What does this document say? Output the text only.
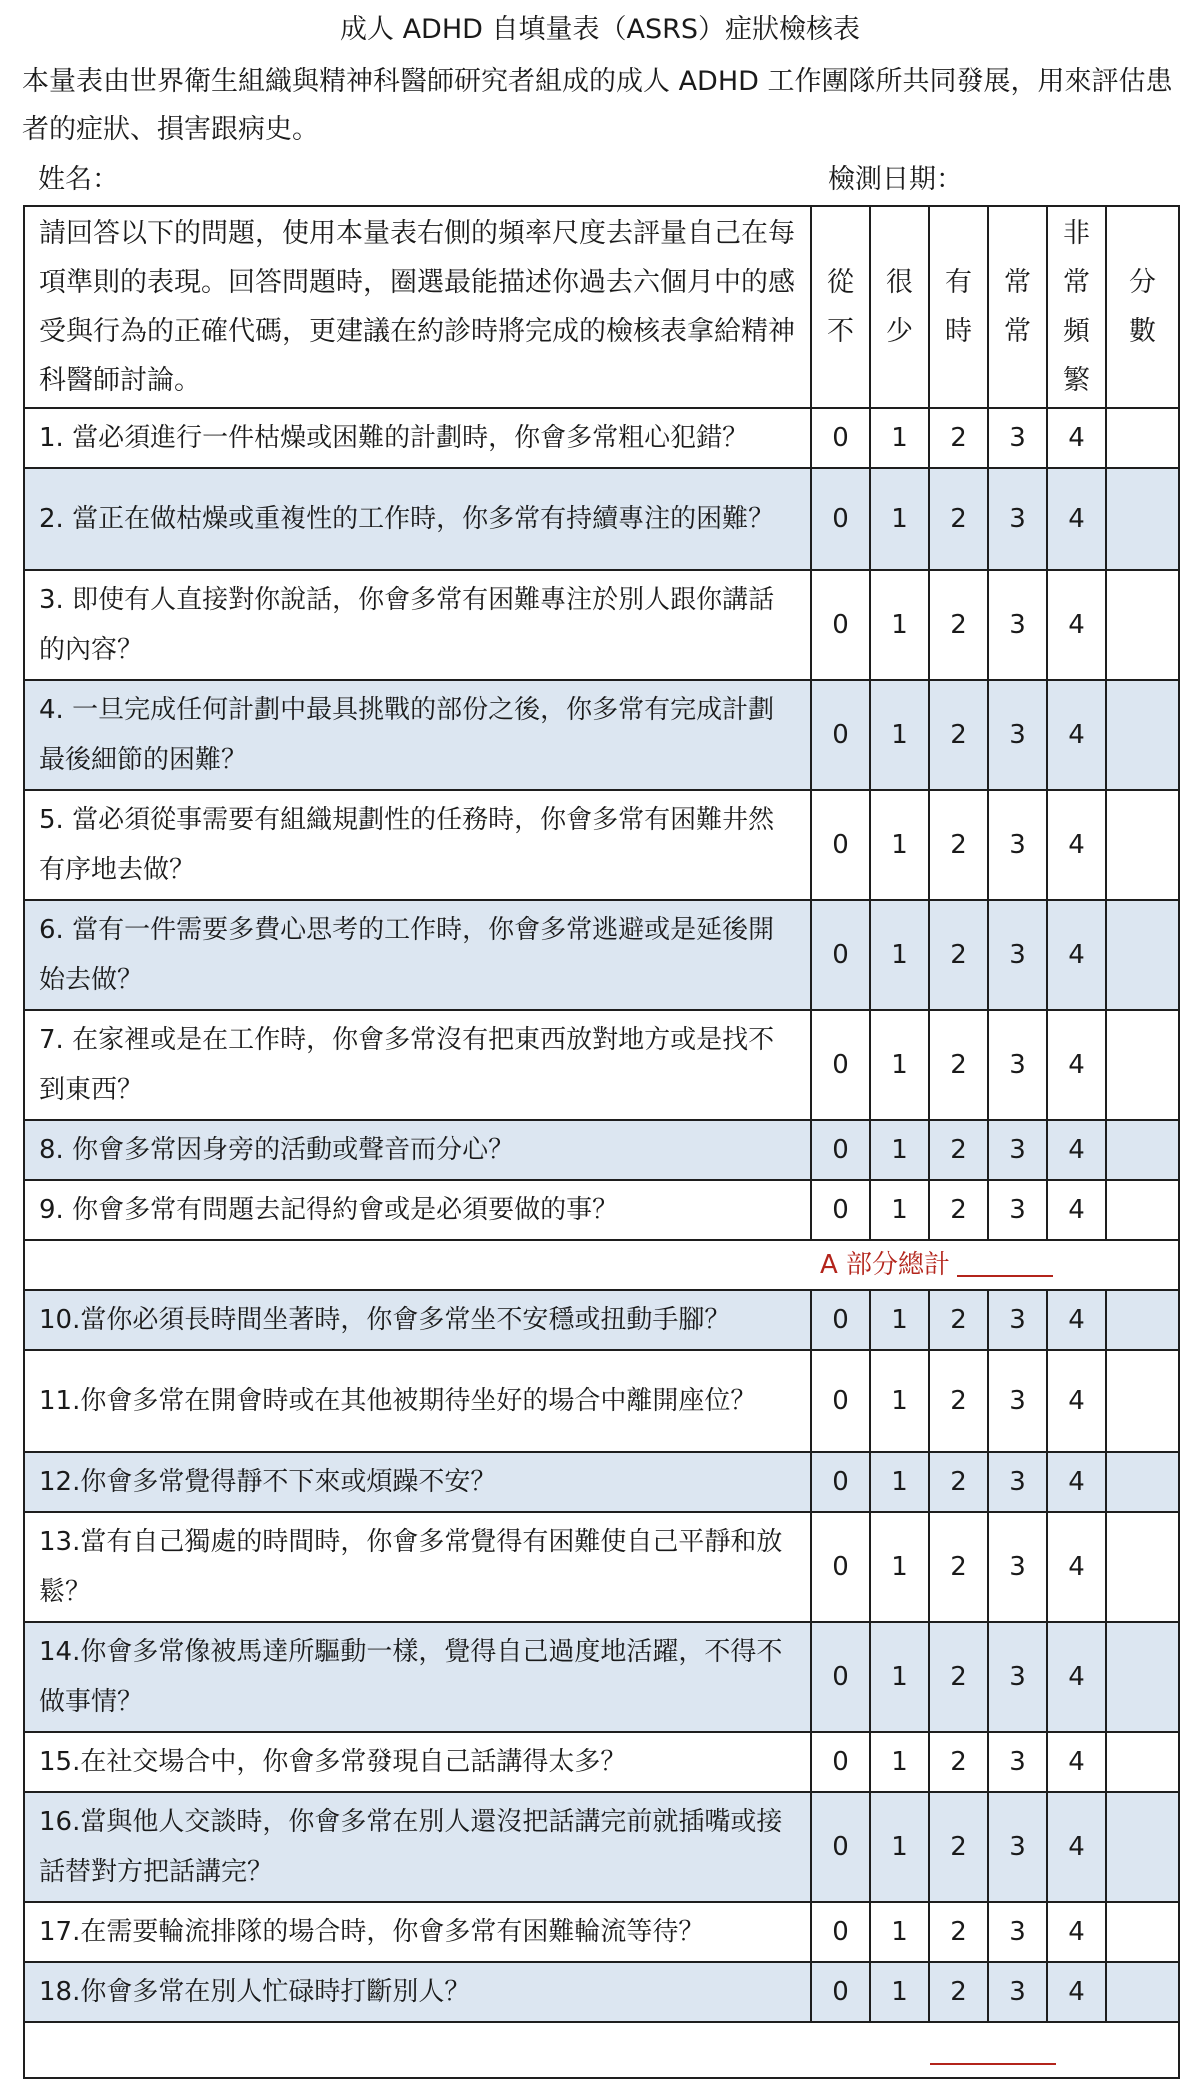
成人 ADHD 自填量表（ASRS）症狀檢核表
本量表由世界衛生組織與精神科醫師研究者組成的成人 ADHD 工作團隊所共同發展，用來評估患者的症狀、損害跟病史。
姓名：	檢測日期：
請回答以下的問題，使用本量表右側的頻率尺度去評量自己在每項準則的表現。回答問題時，圈選最能描述你過去六個月中的感受與行為的正確代碼，更建議在約診時將完成的檢核表拿給精神科醫師討論。	從不	很少	有時	常常	非常頻繁	分數

1. 當必須進行一件枯燥或困難的計劃時，你會多常粗心犯錯？	0	1	2	3	4	
2. 當正在做枯燥或重複性的工作時，你多常有持續專注的困難？	0	1	2	3	4	
3. 即使有人直接對你說話，你會多常有困難專注於別人跟你講話的內容？	0	1	2	3	4	
4. 一旦完成任何計劃中最具挑戰的部份之後，你多常有完成計劃最後細節的困難？	0	1	2	3	4	
5. 當必須從事需要有組織規劃性的任務時，你會多常有困難井然有序地去做？	0	1	2	3	4	
6. 當有一件需要多費心思考的工作時，你會多常逃避或是延後開始去做？	0	1	2	3	4	
7. 在家裡或是在工作時，你會多常沒有把東西放對地方或是找不到東西？	0	1	2	3	4	
8. 你會多常因身旁的活動或聲音而分心？	0	1	2	3	4	
9. 你會多常有問題去記得約會或是必須要做的事？	0	1	2	3	4	

A 部分總計						

10.當你必須長時間坐著時，你會多常坐不安穩或扭動手腳？	0	1	2	3	4	
11.你會多常在開會時或在其他被期待坐好的場合中離開座位？	0	1	2	3	4	
12.你會多常覺得靜不下來或煩躁不安？	0	1	2	3	4	
13.當有自己獨處的時間時，你會多常覺得有困難使自己平靜和放鬆？	0	1	2	3	4	
14.你會多常像被馬達所驅動一樣，覺得自己過度地活躍，不得不做事情？	0	1	2	3	4	
15.在社交場合中，你會多常發現自己話講得太多？	0	1	2	3	4	
16.當與他人交談時，你會多常在別人還沒把話講完前就插嘴或接話替對方把話講完？	0	1	2	3	4	
17.在需要輪流排隊的場合時，你會多常有困難輪流等待？	0	1	2	3	4	
18.你會多常在別人忙碌時打斷別人？	0	1	2	3	4	
